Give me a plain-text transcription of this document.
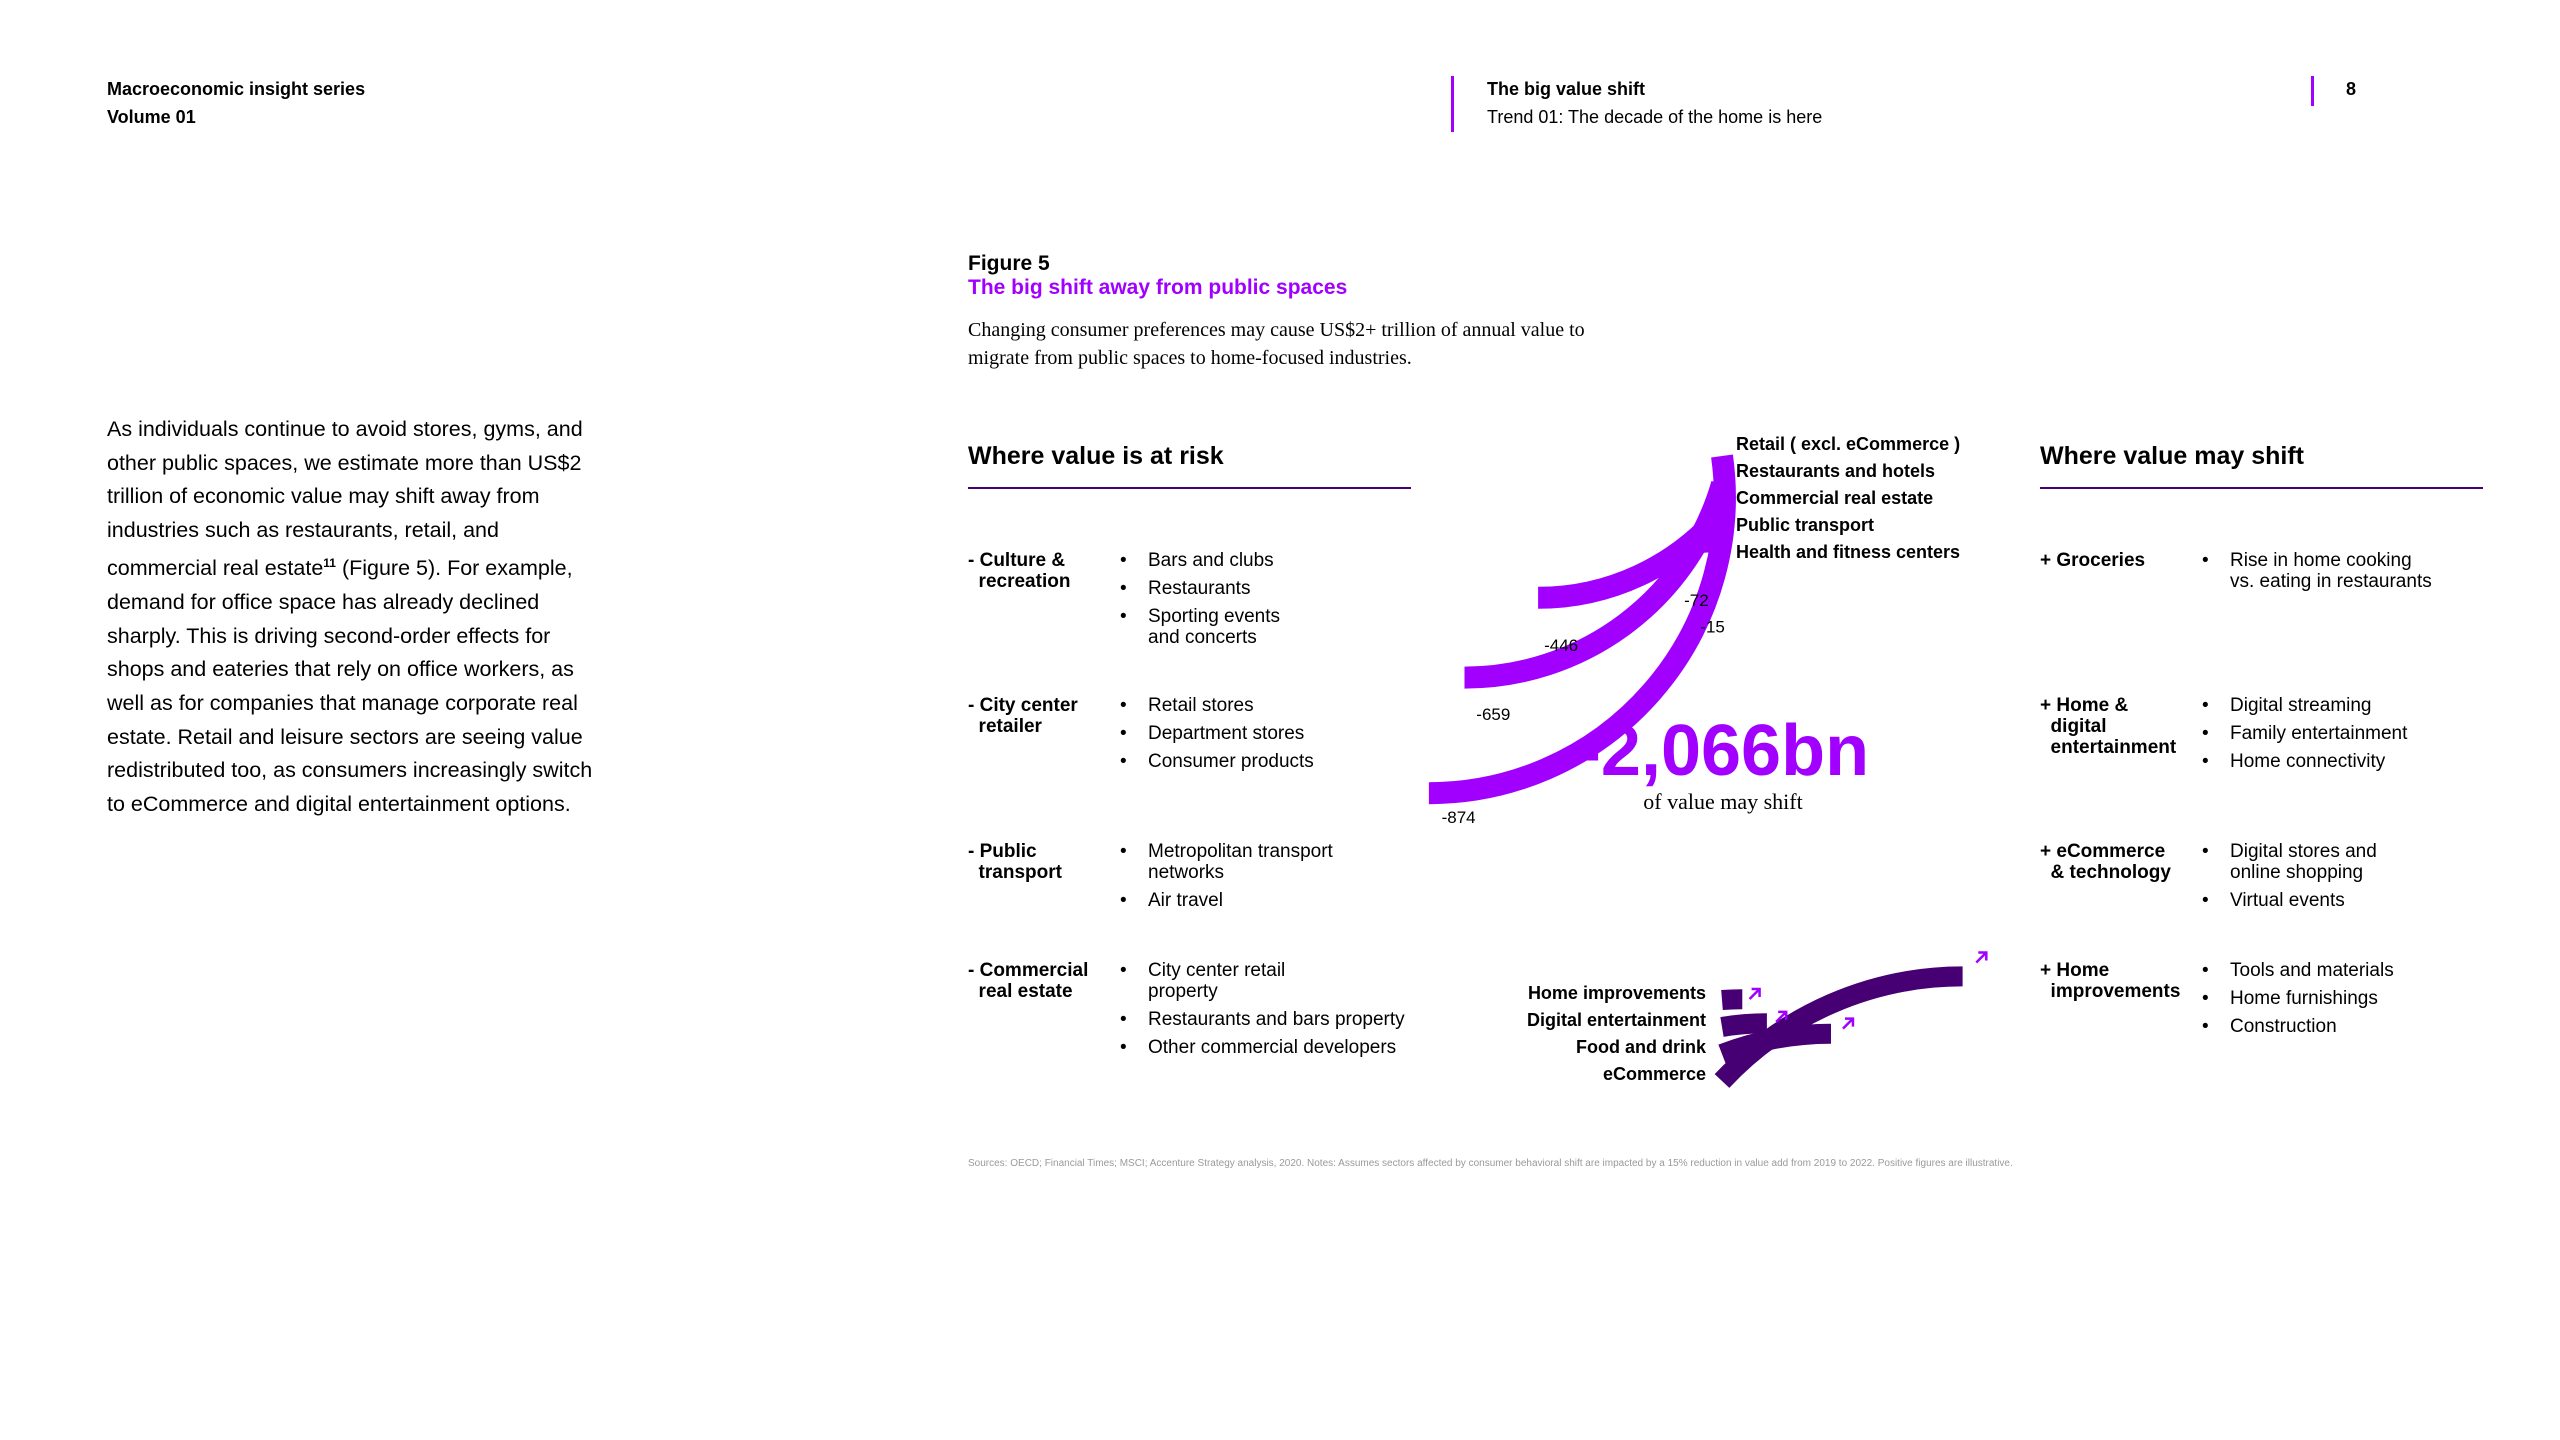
Macroeconomic insight series
Volume 01
The big value shift
Trend 01: The decade of the home is here
8
As individuals continue to avoid stores, gyms, and other public spaces, we estimate more than US$2 trillion of economic value may shift away from industries such as restaurants, retail, and commercial real estate$^{11}$ (Figure 5). For example, demand for office space has already declined sharply. This is driving second-order effects for shops and eateries that rely on office workers, as well as for companies that manage corporate real estate. Retail and leisure sectors are seeing value redistributed too, as consumers increasingly switch to eCommerce and digital entertainment options.
Figure 5
The big shift away from public spaces
Changing consumer preferences may cause US$2+ trillion of annual value to migrate from public spaces to home-focused industries.
Where value is at risk
- Culture &
recreation
• Bars and clubs
• Restaurants
• Sporting events
and concerts
- City center
retailer
• Retail stores
• Department stores
• Consumer products
- Public
transport
• Metropolitan transport
networks
• Air travel
- Commercial
real estate
• City center retail
property
• Restaurants and bars property
• Other commercial developers
Where value may shift
+ Groceries
•	Rise in home cooking
vs. eating in restaurants
+ Home &
digital
entertainment
• Digital streaming
• Family entertainment
• Home connectivity
+ eCommerce
& technology
• Digital stores and
online shopping
• Virtual events
+ Home
improvements
• Tools and materials
• Home furnishings
• Construction
Retail ( excl. eCommerce )
Restaurants and hotels
Commercial real estate
Public transport
Health and fitness centers
-874
-659
-446
-72
-15
Home improvements
Digital entertainment
Food and drink
eCommerce
-2,066bn
of value may shift
Sources: OECD; Financial Times; MSCI; Accenture Strategy analysis, 2020. Notes: Assumes sectors affected by consumer behavioral shift are impacted by a 15% reduction in value add from 2019 to 2022. Positive figures are illustrative.
